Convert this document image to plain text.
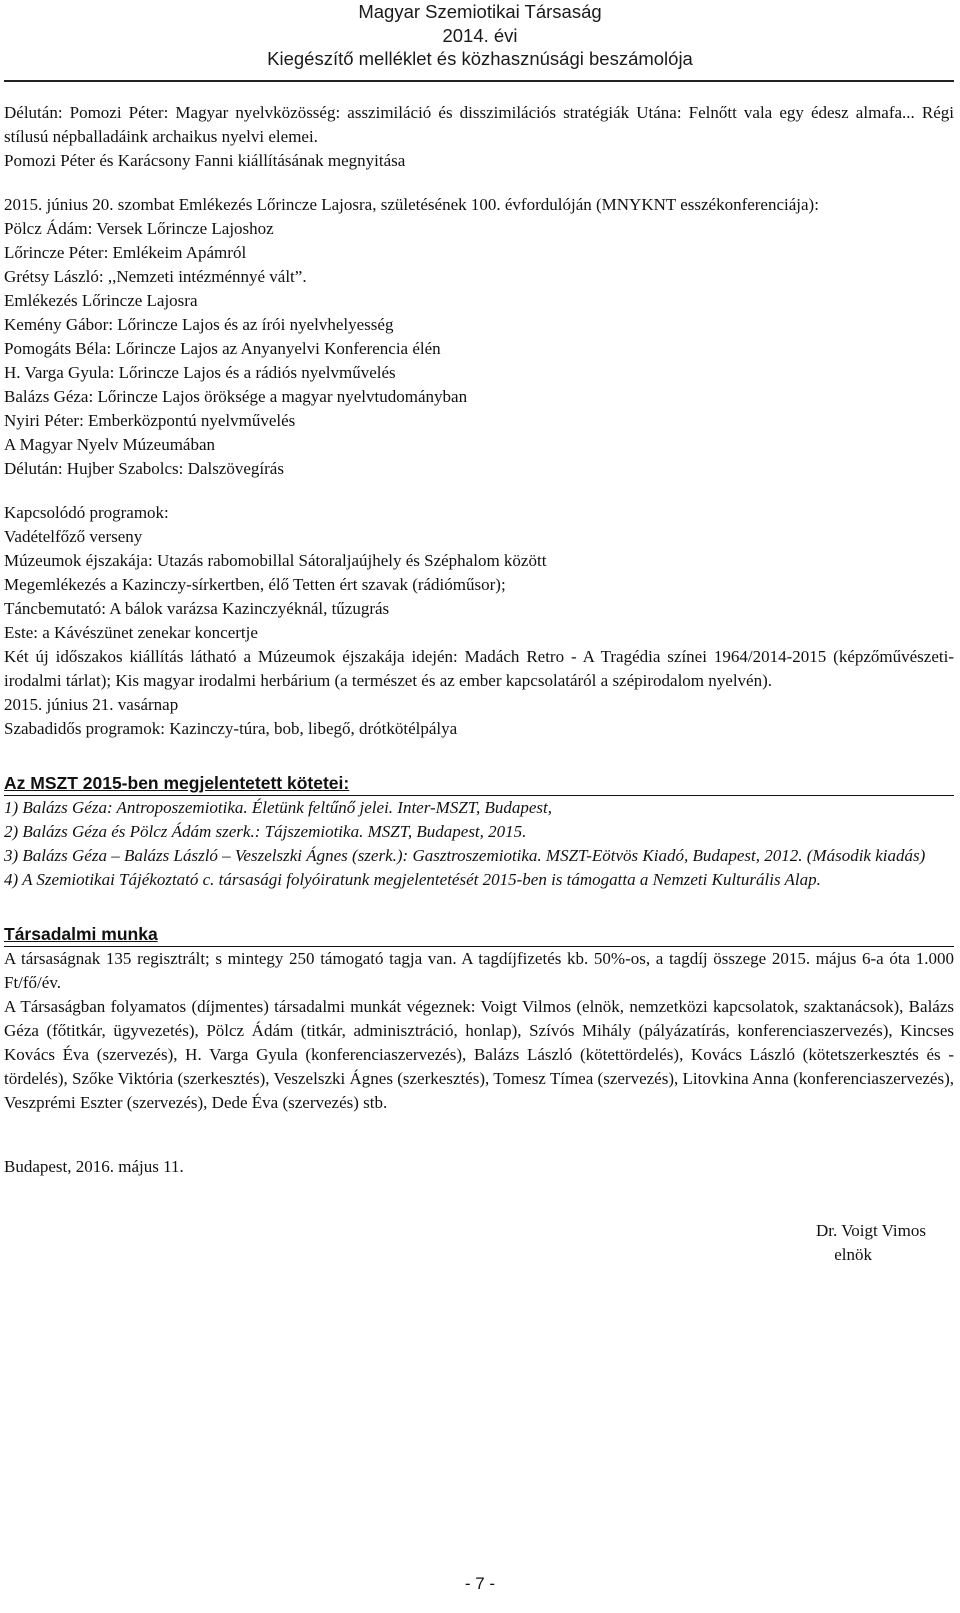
Magyar Szemiotikai Társaság
2014. évi
Kiegészítő melléklet és közhasznúsági beszámolója
Délután: Pomozi Péter: Magyar nyelvközösség: asszimiláció és disszimilációs stratégiák Utána: Felnőtt vala egy édesz almafa... Régi stílusú népballadáink archaikus nyelvi elemei.
Pomozi Péter és Karácsony Fanni kiállításának megnyitása
2015. június 20. szombat Emlékezés Lőrincze Lajosra, születésének 100. évfordulóján (MNYKNT esszékonferenciája):
Pölcz Ádám: Versek Lőrincze Lajoshoz
Lőrincze Péter: Emlékeim Apámról
Grétsy László: ,,Nemzeti intézménnyé vált”.
Emlékezés Lőrincze Lajosra
Kemény Gábor: Lőrincze Lajos és az írói nyelvhelyesség
Pomogáts Béla: Lőrincze Lajos az Anyanyelvi Konferencia élén
H. Varga Gyula: Lőrincze Lajos és a rádiós nyelvművelés
Balázs Géza: Lőrincze Lajos öröksége a magyar nyelvtudományban
Nyiri Péter: Emberközpontú nyelvművelés
A Magyar Nyelv Múzeumában
Délután: Hujber Szabolcs: Dalszövegírás
Kapcsolódó programok:
Vadételfőző verseny
Múzeumok éjszakája: Utazás rabomobillal Sátoraljaújhely és Széphalom között
Megemlékezés a Kazinczy-sírkertben, élő Tetten ért szavak (rádióműsor);
Táncbemutató: A bálok varázsa Kazinczyéknál, tűzugrás
Este: a Kávészünet zenekar koncertje
Két új időszakos kiállítás látható a Múzeumok éjszakája idején: Madách Retro - A Tragédia színei 1964/2014-2015 (képzőművészeti-irodalmi tárlat); Kis magyar irodalmi herbárium (a természet és az ember kapcsolatáról a szépirodalom nyelvén).
2015. június 21. vasárnap
Szabadidős programok: Kazinczy-túra, bob, libegő, drótkötélpálya
Az MSZT 2015-ben megjelentetett kötetei:
1) Balázs Géza: Antroposzemiotika. Életünk feltűnő jelei. Inter-MSZT, Budapest,
2) Balázs Géza és Pölcz Ádám szerk.: Tájszemiotika. MSZT, Budapest, 2015.
3) Balázs Géza – Balázs László – Veszelszki Ágnes (szerk.): Gasztroszemiotika. MSZT-Eötvös Kiadó, Budapest, 2012. (Második kiadás)
4) A Szemiotikai Tájékoztató c. társasági folyóiratunk megjelentetését 2015-ben is támogatta a Nemzeti Kulturális Alap.
Társadalmi munka
A társaságnak 135 regisztrált; s mintegy 250 támogató tagja van. A tagdíjfizetés kb. 50%-os, a tagdíj összege 2015. május 6-a óta 1.000 Ft/fő/év.
A Társaságban folyamatos (díjmentes) társadalmi munkát végeznek: Voigt Vilmos (elnök, nemzetközi kapcsolatok, szaktanácsok), Balázs Géza (főtitkár, ügyvezetés), Pölcz Ádám (titkár, adminisztráció, honlap), Szívós Mihály (pályázatírás, konferenciaszervezés), Kincses Kovács Éva (szervezés), H. Varga Gyula (konferenciaszervezés), Balázs László (kötettördelés), Kovács László (kötetszerkesztés és -tördelés), Szőke Viktória (szerkesztés), Veszelszki Ágnes (szerkesztés), Tomesz Tímea (szervezés), Litovkina Anna (konferenciaszervezés), Veszprémi Eszter (szervezés), Dede Éva (szervezés) stb.
Budapest, 2016. május 11.
Dr. Voigt Vimos
elnök
- 7 -
